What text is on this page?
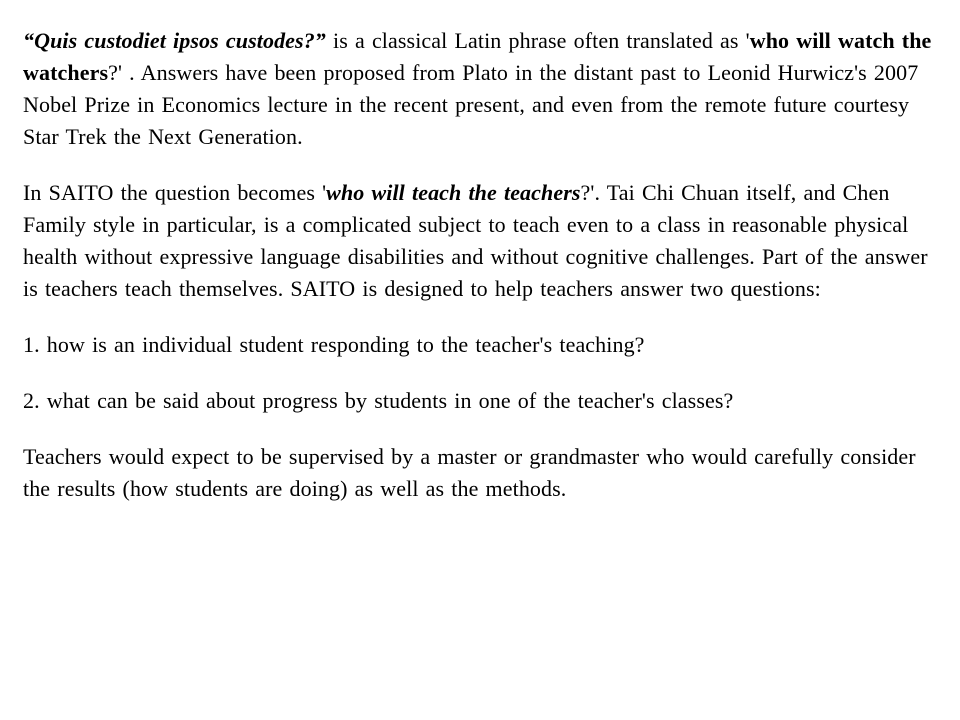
“Quis custodiet ipsos custodes?” is a classical Latin phrase often translated as 'who will watch the watchers?' . Answers have been proposed from Plato in the distant past to Leonid Hurwicz's 2007 Nobel Prize in Economics lecture in the recent present, and even from the remote future courtesy Star Trek the Next Generation.

In SAITO the question becomes 'who will teach the teachers?'. Tai Chi Chuan itself, and Chen Family style in particular, is a complicated subject to teach even to a class in reasonable physical health without expressive language disabilities and without cognitive challenges. Part of the answer is teachers teach themselves. SAITO is designed to help teachers answer two questions:

1. how is an individual student responding to the teacher's teaching?

2. what can be said about progress by students in one of the teacher's classes?

Teachers would expect to be supervised by a master or grandmaster who would carefully consider the results (how students are doing) as well as the methods.
